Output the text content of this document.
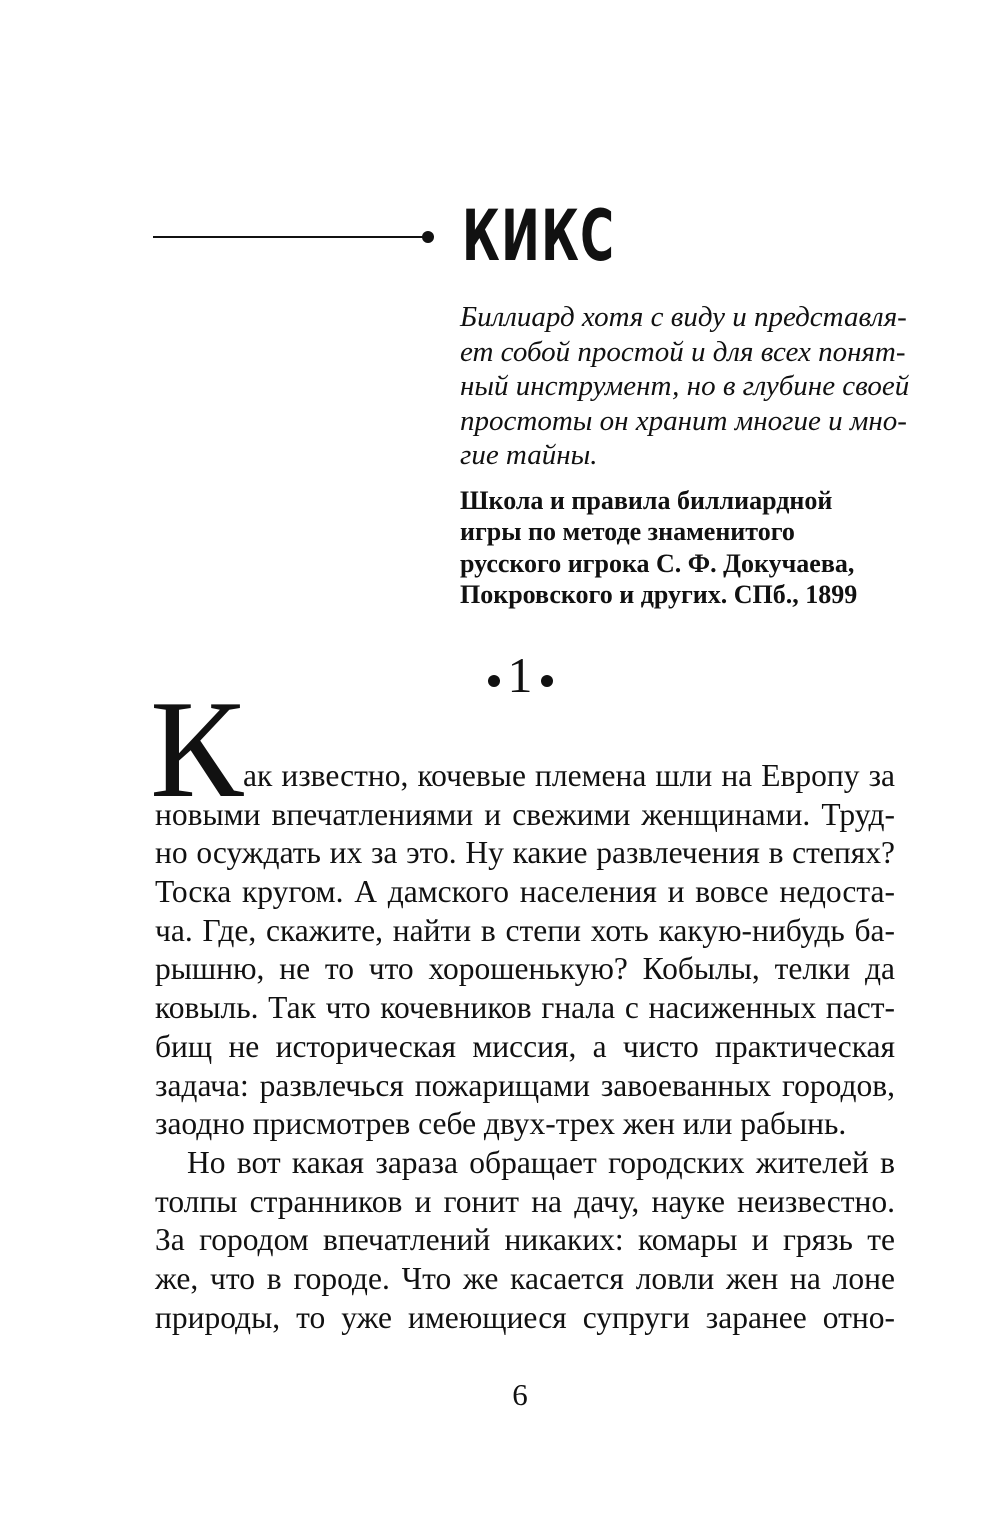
КИКС
Биллиард хотя с виду и представля-
ет собой простой и для всех понят-
ный инструмент, но в глубине своей
простоты он хранит многие и мно-
гие тайны.
Школа и правила биллиардной
игры по методе знаменитого
русского игрока С. Ф. Докучаева,
Покровского и других. СПб., 1899
1
К ак известно, кочевые племена шли на Европу за
новыми впечатлениями и свежими женщинами. Труд-
но осуждать их за это. Ну какие развлечения в степях?
Тоска кругом. А дамского населения и вовсе недоста-
ча. Где, скажите, найти в степи хоть какую-нибудь ба-
рышню, не то что хорошенькую? Кобылы, телки да
ковыль. Так что кочевников гнала с насиженных паст-
бищ не историческая миссия, а чисто практическая
задача: развлечься пожарищами завоеванных городов,
заодно присмотрев себе двух-трех жен или рабынь.
Но вот какая зараза обращает городских жителей в
толпы странников и гонит на дачу, науке неизвестно.
За городом впечатлений никаких: комары и грязь те
же, что в городе. Что же касается ловли жен на лоне
природы, то уже имеющиеся супруги заранее отно-
6
